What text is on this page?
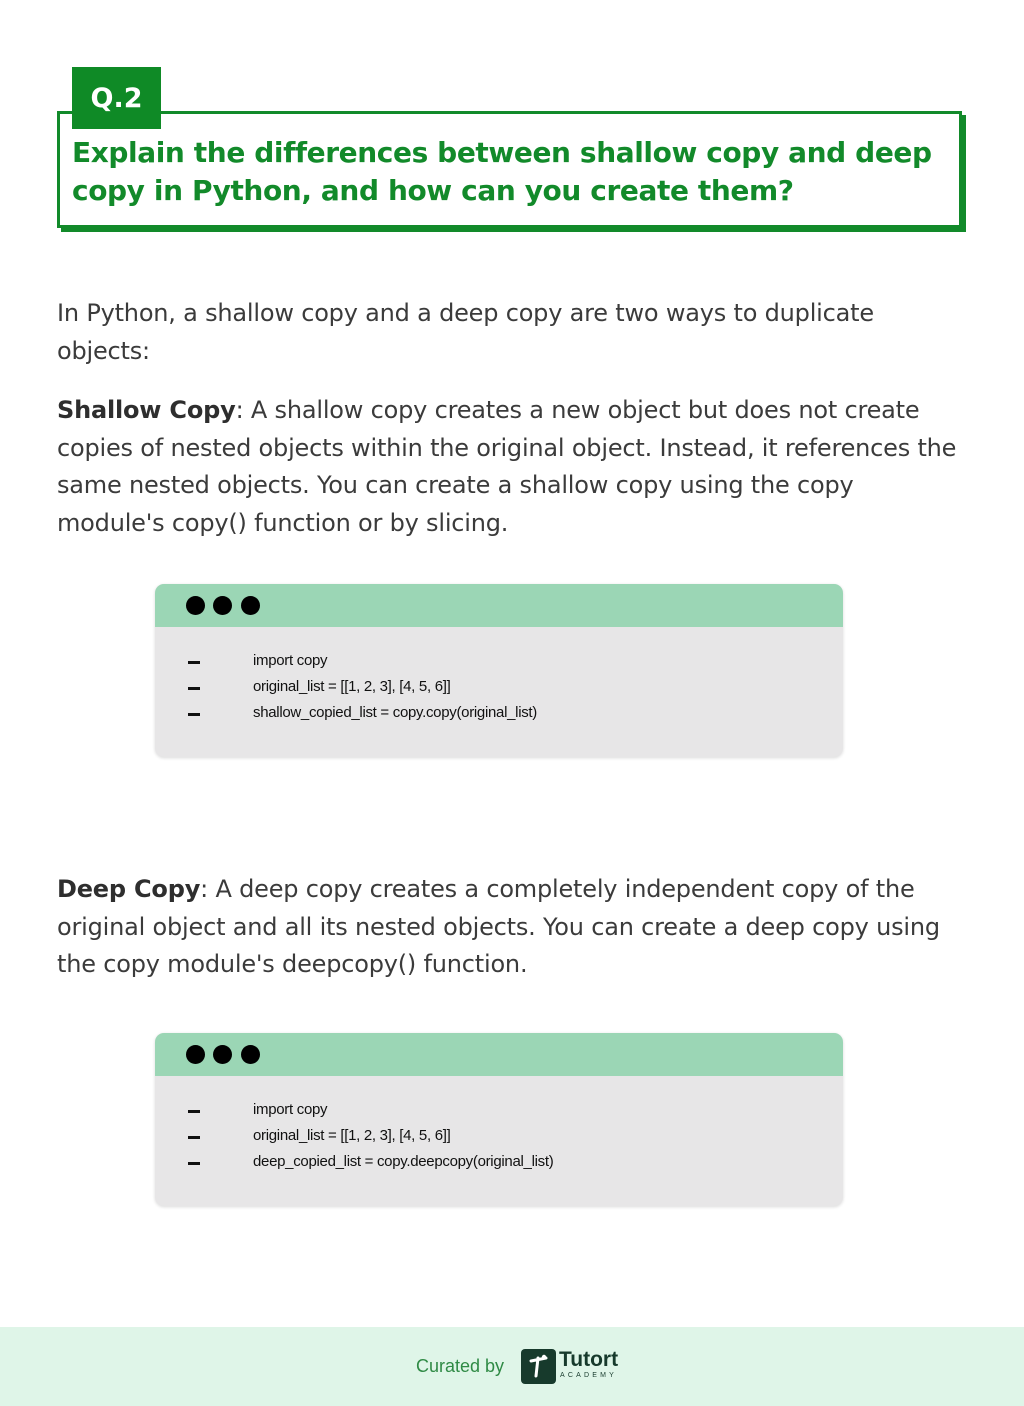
Q.2
Explain the differences between shallow copy and deep copy in Python, and how can you create them?
In Python, a shallow copy and a deep copy are two ways to duplicate objects:
Shallow Copy: A shallow copy creates a new object but does not create copies of nested objects within the original object. Instead, it references the same nested objects. You can create a shallow copy using the copy module's copy() function or by slicing.
import copy
original_list = [[1, 2, 3], [4, 5, 6]]
shallow_copied_list = copy.copy(original_list)
Deep Copy: A deep copy creates a completely independent copy of the original object and all its nested objects. You can create a deep copy using the copy module's deepcopy() function.
import copy
original_list = [[1, 2, 3], [4, 5, 6]]
deep_copied_list = copy.deepcopy(original_list)
Curated by	Tutort
ACADEMY
